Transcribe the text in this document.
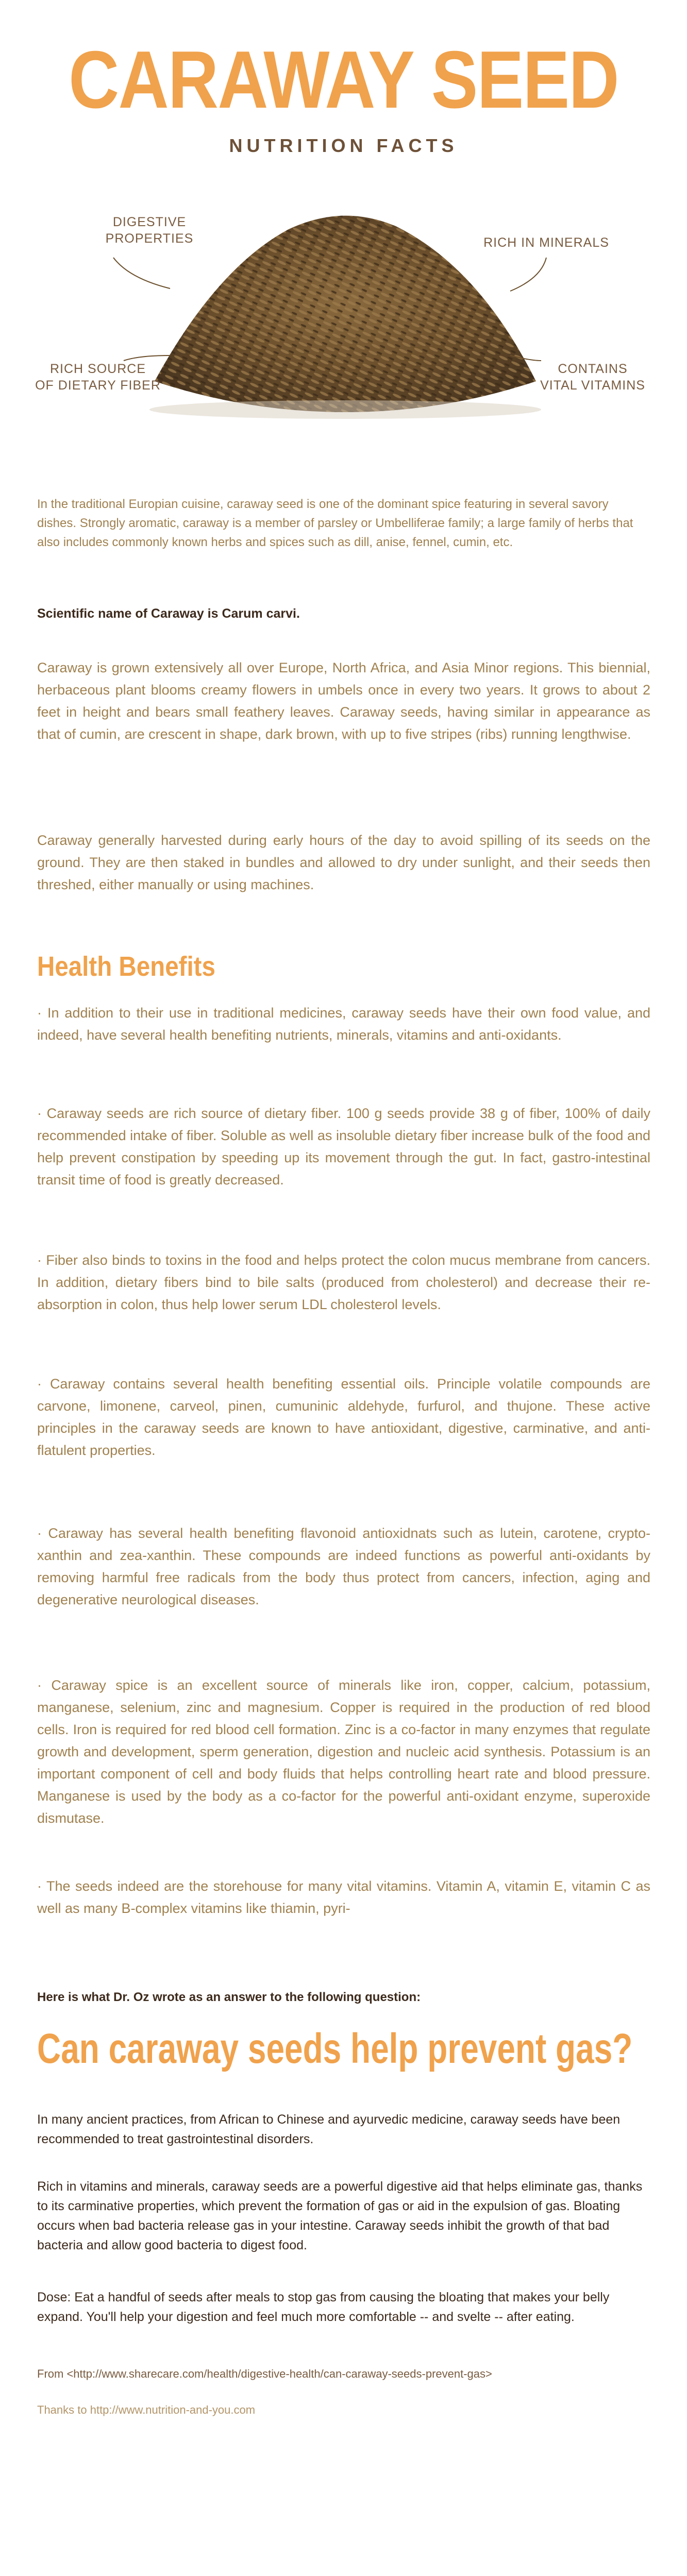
CARAWAY SEED
NUTRITION FACTS
DIGESTIVE
PROPERTIES	RICH IN MINERALS
RICH SOURCE
OF DIETARY FIBER
CONTAINS
VITAL VITAMINS
In the traditional Europian cuisine, caraway seed is one of the dominant spice featuring in several savory dishes. Strongly aromatic, caraway is a member of parsley or Umbelliferae family; a large family of herbs that also includes commonly known herbs and spices such as dill, anise, fennel, cumin, etc.
Scientific name of Caraway is Carum carvi.
Caraway is grown extensively all over Europe, North Africa, and Asia Minor regions. This biennial, herbaceous plant blooms creamy flowers in umbels once in every two years. It grows to about 2 feet in height and bears small feathery leaves. Caraway seeds, having similar in appearance as that of cumin, are crescent in shape, dark brown, with up to five stripes (ribs) running lengthwise.
Caraway generally harvested during early hours of the day to avoid spilling of its seeds on the ground. They are then staked in bundles and allowed to dry under sunlight, and their seeds then threshed, either manually or using machines.
Health Benefits
· In addition to their use in traditional medicines, caraway seeds have their own food value, and indeed, have several health benefiting nutrients, minerals, vitamins and anti-oxidants.
· Caraway seeds are rich source of dietary fiber. 100 g seeds provide 38 g of fiber, 100% of daily recommended intake of fiber. Soluble as well as insoluble dietary fiber increase bulk of the food and help prevent constipation by speeding up its movement through the gut. In fact, gastro-intestinal transit time of food is greatly decreased.
· Fiber also binds to toxins in the food and helps protect the colon mucus membrane from cancers. In addition, dietary fibers bind to bile salts (produced from cholesterol) and decrease their re-absorption in colon, thus help lower serum LDL cholesterol levels.
· Caraway contains several health benefiting essential oils. Principle volatile compounds are carvone, limonene, carveol, pinen, cumuninic aldehyde, furfurol, and thujone. These active principles in the caraway seeds are known to have antioxidant, digestive, carminative, and anti-flatulent properties.
· Caraway has several health benefiting flavonoid antioxidnats such as lutein, carotene, crypto-xanthin and zea-xanthin. These compounds are indeed functions as powerful anti-oxidants by removing harmful free radicals from the body thus protect from cancers, infection, aging and degenerative neurological diseases.
· Caraway spice is an excellent source of minerals like iron, copper, calcium, potassium, manganese, selenium, zinc and magnesium. Copper is required in the production of red blood cells. Iron is required for red blood cell formation. Zinc is a co-factor in many enzymes that regulate growth and development, sperm generation, digestion and nucleic acid synthesis. Potassium is an important component of cell and body fluids that helps controlling heart rate and blood pressure. Manganese is used by the body as a co-factor for the powerful anti-oxidant enzyme, superoxide dismutase.
· The seeds indeed are the storehouse for many vital vitamins. Vitamin A, vitamin E, vitamin C as well as many B-complex vitamins like thiamin, pyri-
Here is what Dr. Oz wrote as an answer to the following question:
Can caraway seeds help prevent gas?
In many ancient practices, from African to Chinese and ayurvedic medicine, caraway seeds have been recommended to treat gastrointestinal disorders.
Rich in vitamins and minerals, caraway seeds are a powerful digestive aid that helps eliminate gas, thanks to its carminative properties, which prevent the formation of gas or aid in the expulsion of gas. Bloating occurs when bad bacteria release gas in your intestine. Caraway seeds inhibit the growth of that bad bacteria and allow good bacteria to digest food.
Dose: Eat a handful of seeds after meals to stop gas from causing the bloating that makes your belly expand. You'll help your digestion and feel much more comfortable -- and svelte -- after eating.
From <http://www.sharecare.com/health/digestive-health/can-caraway-seeds-prevent-gas>
Thanks to http://www.nutrition-and-you.com
